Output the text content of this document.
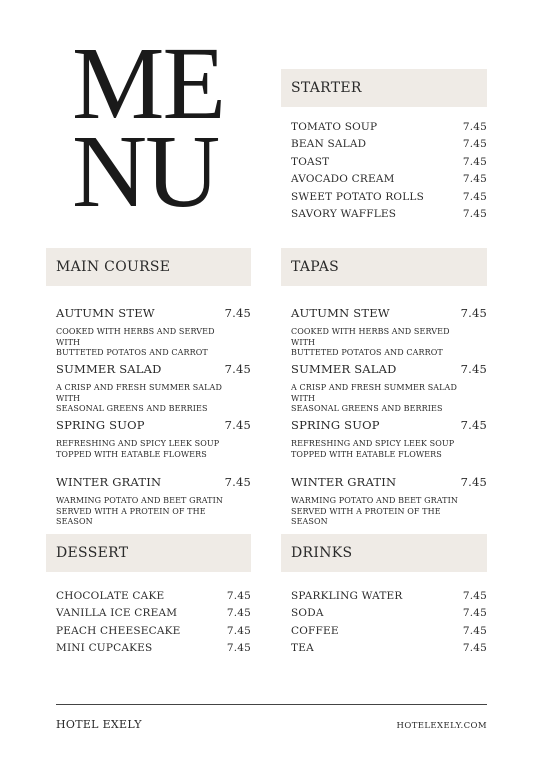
ME
NU
STARTER
TOMATO SOUP	7.45
BEAN SALAD	7.45
TOAST	7.45
AVOCADO CREAM	7.45
SWEET POTATO ROLLS	7.45
SAVORY WAFFLES	7.45
MAIN COURSE
AUTUMN STEW	7.45
COOKED WITH HERBS AND SERVED WITH
BUTTETED POTATOS AND CARROT
SUMMER SALAD	7.45
A CRISP AND FRESH SUMMER SALAD WITH
SEASONAL GREENS AND BERRIES
SPRING SUOP	7.45
REFRESHING AND SPICY LEEK SOUP
TOPPED WITH EATABLE FLOWERS
WINTER GRATIN	7.45
WARMING POTATO AND BEET GRATIN
SERVED WITH A PROTEIN OF THE SEASON
TAPAS
AUTUMN STEW	7.45
COOKED WITH HERBS AND SERVED WITH
BUTTETED POTATOS AND CARROT
SUMMER SALAD	7.45
A CRISP AND FRESH SUMMER SALAD WITH
SEASONAL GREENS AND BERRIES
SPRING SUOP	7.45
REFRESHING AND SPICY LEEK SOUP
TOPPED WITH EATABLE FLOWERS
WINTER GRATIN	7.45
WARMING POTATO AND BEET GRATIN
SERVED WITH A PROTEIN OF THE SEASON
DESSERT
CHOCOLATE CAKE	7.45
VANILLA ICE CREAM	7.45
PEACH CHEESECAKE	7.45
MINI CUPCAKES	7.45
DRINKS
SPARKLING WATER	7.45
SODA	7.45
COFFEE	7.45
TEA	7.45
HOTEL EXELY	HOTELEXELY.COM
